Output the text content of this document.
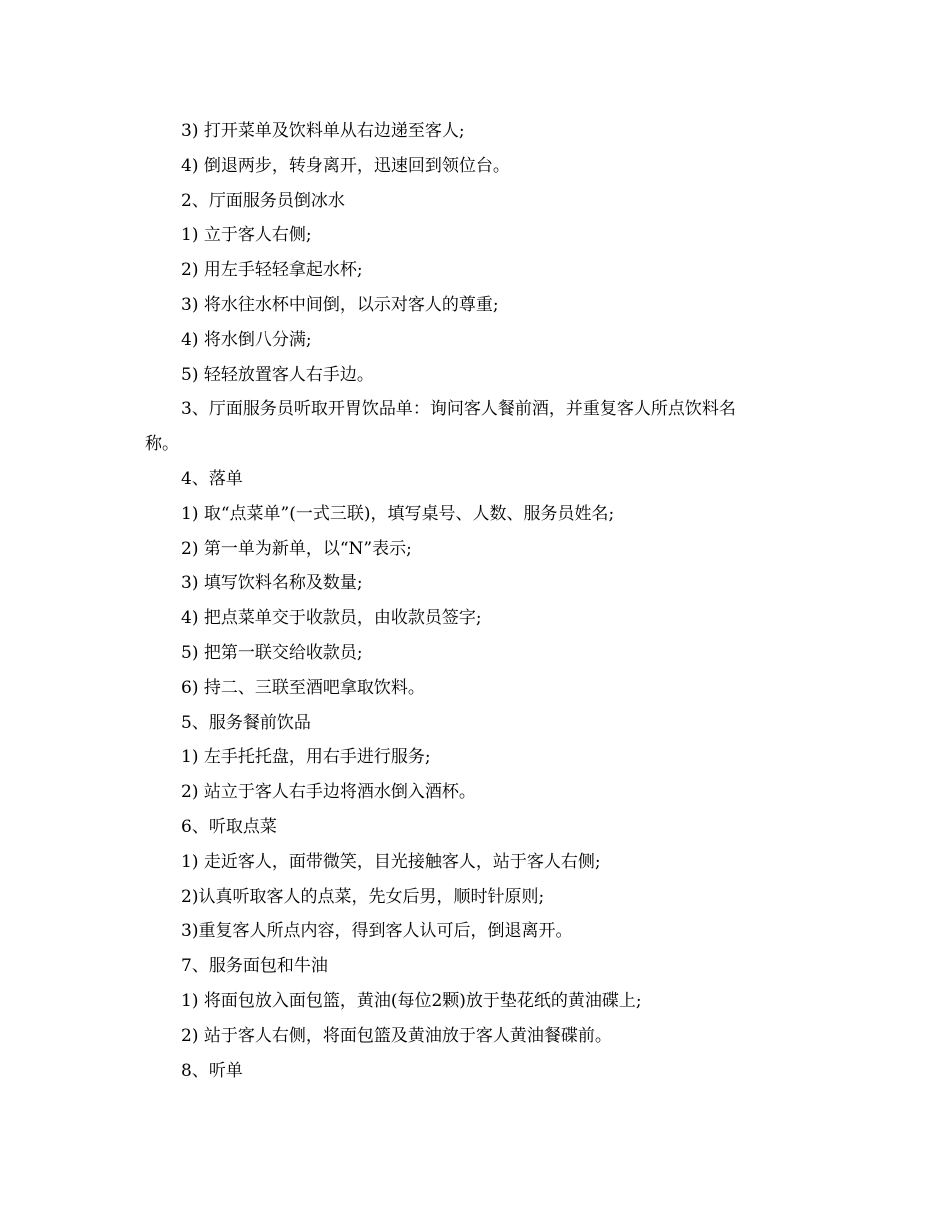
3) 打开菜单及饮料单从右边递至客人;
4) 倒退两步，转身离开，迅速回到领位台。
2、厅面服务员倒冰水
1) 立于客人右侧;
2) 用左手轻轻拿起水杯;
3) 将水往水杯中间倒，以示对客人的尊重;
4) 将水倒八分满;
5) 轻轻放置客人右手边。
3、厅面服务员听取开胃饮品单：询问客人餐前酒，并重复客人所点饮料名
称。
4、落单
1) 取“点菜单”(一式三联)，填写桌号、人数、服务员姓名;
2) 第一单为新单，以“N”表示;
3) 填写饮料名称及数量;
4) 把点菜单交于收款员，由收款员签字;
5) 把第一联交给收款员;
6) 持二、三联至酒吧拿取饮料。
5、服务餐前饮品
1) 左手托托盘，用右手进行服务;
2) 站立于客人右手边将酒水倒入酒杯。
6、听取点菜
1) 走近客人，面带微笑，目光接触客人，站于客人右侧;
2)认真听取客人的点菜，先女后男，顺时针原则;
3)重复客人所点内容，得到客人认可后，倒退离开。
7、服务面包和牛油
1) 将面包放入面包篮，黄油(每位2颗)放于垫花纸的黄油碟上;
2) 站于客人右侧，将面包篮及黄油放于客人黄油餐碟前。
8、听单
